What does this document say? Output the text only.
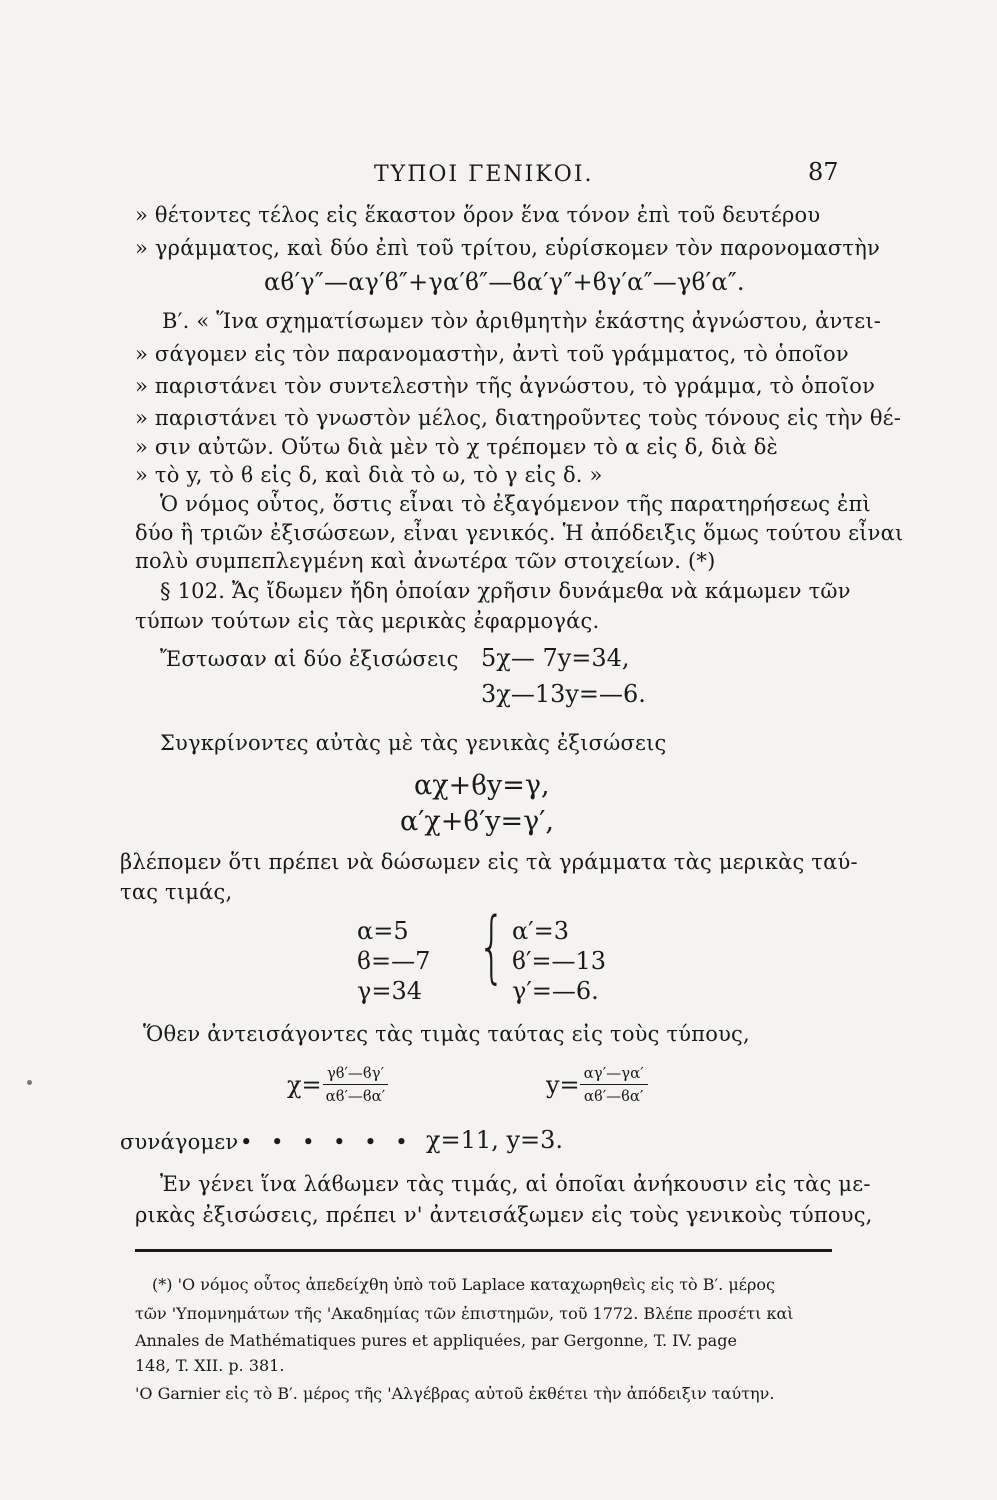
ΤΥΠΟΙ ΓΕΝΙΚΟΙ.	87
» θέτοντες τέλος εἰς ἕκαστον ὅρον ἕνα τόνον ἐπὶ τοῦ δευτέρου
» γράμματος, καὶ δύο ἐπὶ τοῦ τρίτου, εὑρίσκομεν τὸν παρονομαστὴν
αϐ′γ″—αγ′ϐ″+γα′ϐ″—ϐα′γ″+ϐγ′α″—γϐ′α″.
Β′. « Ἵνα σχηματίσωμεν τὸν ἀριθμητὴν ἑκάστης ἀγνώστου, ἀντει-
» σάγομεν εἰς τὸν παρανομαστὴν, ἀντὶ τοῦ γράμματος, τὸ ὁποῖον
» παριστάνει τὸν συντελεστὴν τῆς ἀγνώστου, τὸ γράμμα, τὸ ὁποῖον
» παριστάνει τὸ γνωστὸν μέλος, διατηροῦντες τοὺς τόνους εἰς τὴν θέ-
» σιν αὐτῶν. Οὕτω διὰ μὲν τὸ χ τρέπομεν τὸ α εἰς δ, διὰ δὲ
» τὸ y, τὸ ϐ εἰς δ, καὶ διὰ τὸ ω, τὸ γ εἰς δ. »
Ὁ νόμος οὗτος, ὅστις εἶναι τὸ ἐξαγόμενον τῆς παρατηρήσεως ἐπὶ
δύο ἢ τριῶν ἐξισώσεων, εἶναι γενικός. Ἡ ἀπόδειξις ὅμως τούτου εἶναι
πολὺ συμπεπλεγμένη καὶ ἀνωτέρα τῶν στοιχείων. (*)
§ 102. Ἄς ἴδωμεν ἤδη ὁποίαν χρῆσιν δυνάμεθα νὰ κάμωμεν τῶν
τύπων τούτων εἰς τὰς μερικὰς ἐφαρμογάς.
Ἔστωσαν αἱ δύο ἐξισώσεις 5χ— 7y=34,
3χ—13y=—6.
Συγκρίνοντες αὐτὰς μὲ τὰς γενικὰς ἐξισώσεις
αχ+ϐy=γ,
α′χ+ϐ′y=γ′,
βλέπομεν ὅτι πρέπει νὰ δώσωμεν εἰς τὰ γράμματα τὰς μερικὰς ταύ-
τας τιμάς,
α=5
ϐ=—7
γ=34 { α′=3
ϐ′=—13
γ′=—6.
Ὅθεν ἀντεισάγοντες τὰς τιμὰς ταύτας εἰς τοὺς τύπους,
$\chi= \frac{\gamma ϐ'—ϐ\gamma'}{\alpha ϐ'—ϐ\alpha'}$	$y= \frac{\alpha\gamma'—\gamma\alpha'}{\alpha ϐ'—ϐ\alpha'}$
συνάγομεν • • • • • • χ=11, y=3.
Ἐν γένει ἵνα λάϐωμεν τὰς τιμάς, αἱ ὁποῖαι ἀνήκουσιν εἰς τὰς με-
ρικὰς ἐξισώσεις, πρέπει ν' ἀντεισάξωμεν εἰς τοὺς γενικοὺς τύπους,
(*) 'Ο νόμος οὗτος ἀπεδείχθη ὑπὸ τοῦ Laplace καταχωρηθεὶς εἰς τὸ Β′. μέρος
τῶν 'Υπομνημάτων τῆς 'Ακαδημίας τῶν ἐπιστημῶν, τοῦ 1772. Βλέπε προσέτι καὶ
Annales de Mathématiques pures et appliquées, par Gergonne, T. IV. page
148, T. XII. p. 381.
'Ο Garnier εἰς τὸ Β′. μέρος τῆς 'Αλγέβρας αὐτοῦ ἐκθέτει τὴν ἀπόδειξιν ταύτην.
